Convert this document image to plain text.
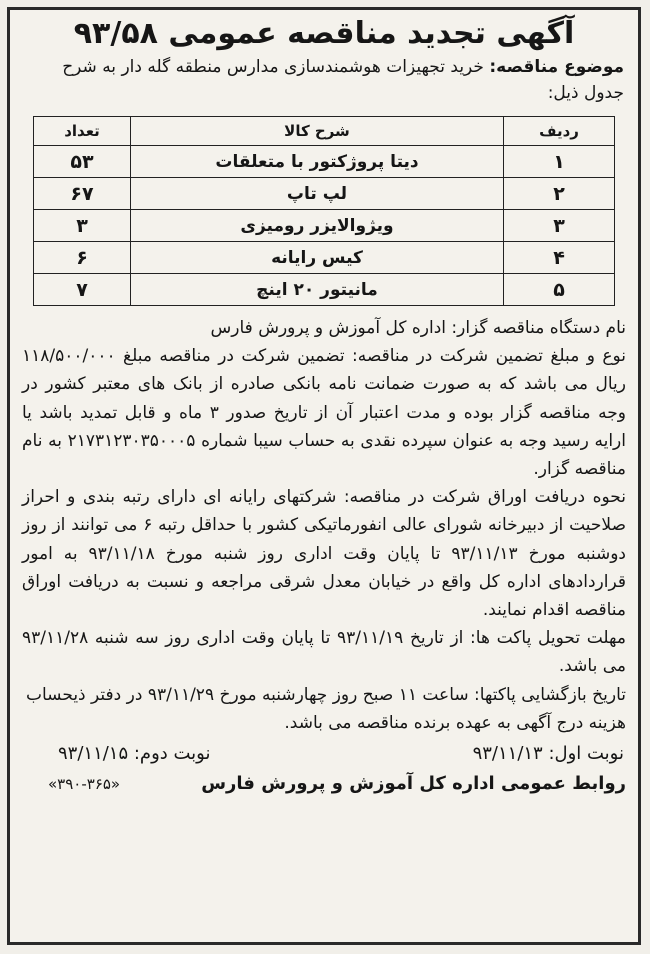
آگهی تجدید مناقصه عمومی ۹۳/۵۸

موضوع مناقصه: خرید تجهیزات هوشمندسازی مدارس منطقه گله دار به شرح جدول ذیل:

ردیف	شرح کالا	تعداد
۱	دیتا پروژکتور با متعلقات	۵۳
۲	لپ تاپ	۶۷
۳	ویژوالایزر رومیزی	۳
۴	کیس رایانه	۶
۵	مانیتور ۲۰ اینچ	۷

نام دستگاه مناقصه گزار: اداره کل آموزش و پرورش فارس

نوع و مبلغ تضمین شرکت در مناقصه: تضمین شرکت در مناقصه مبلغ ۱۱۸/۵۰۰/۰۰۰ ریال می باشد که به صورت ضمانت نامه بانکی صادره از بانک های معتبر کشور در وجه مناقصه گزار بوده و مدت اعتبار آن از تاریخ صدور ۳ ماه و قابل تمدید باشد یا ارایه رسید وجه به عنوان سپرده نقدی به حساب سیبا شماره ۲۱۷۳۱۲۳۰۳۵۰۰۰۵ به نام مناقصه گزار.

نحوه دریافت اوراق شرکت در مناقصه: شرکتهای رایانه ای دارای رتبه بندی و احراز صلاحیت از دبیرخانه شورای عالی انفورماتیکی کشور با حداقل رتبه ۶ می توانند از روز دوشنبه مورخ ۹۳/۱۱/۱۳ تا پایان وقت اداری روز شنبه مورخ ۹۳/۱۱/۱۸ به امور قراردادهای اداره کل واقع در خیابان معدل شرقی مراجعه و نسبت به دریافت اوراق مناقصه اقدام نمایند.

مهلت تحویل پاکت ها: از تاریخ ۹۳/۱۱/۱۹ تا پایان وقت اداری روز سه شنبه ۹۳/۱۱/۲۸ می باشد.

تاریخ بازگشایی پاکتها: ساعت ۱۱ صبح روز چهارشنبه مورخ ۹۳/۱۱/۲۹ در دفتر ذیحساب

هزینه درج آگهی به عهده برنده مناقصه می باشد.

نوبت اول: ۹۳/۱۱/۱۳
نوبت دوم: ۹۳/۱۱/۱۵
روابط عمومی اداره کل آموزش و پرورش فارس
«۳۹۰-۳۶۵»
